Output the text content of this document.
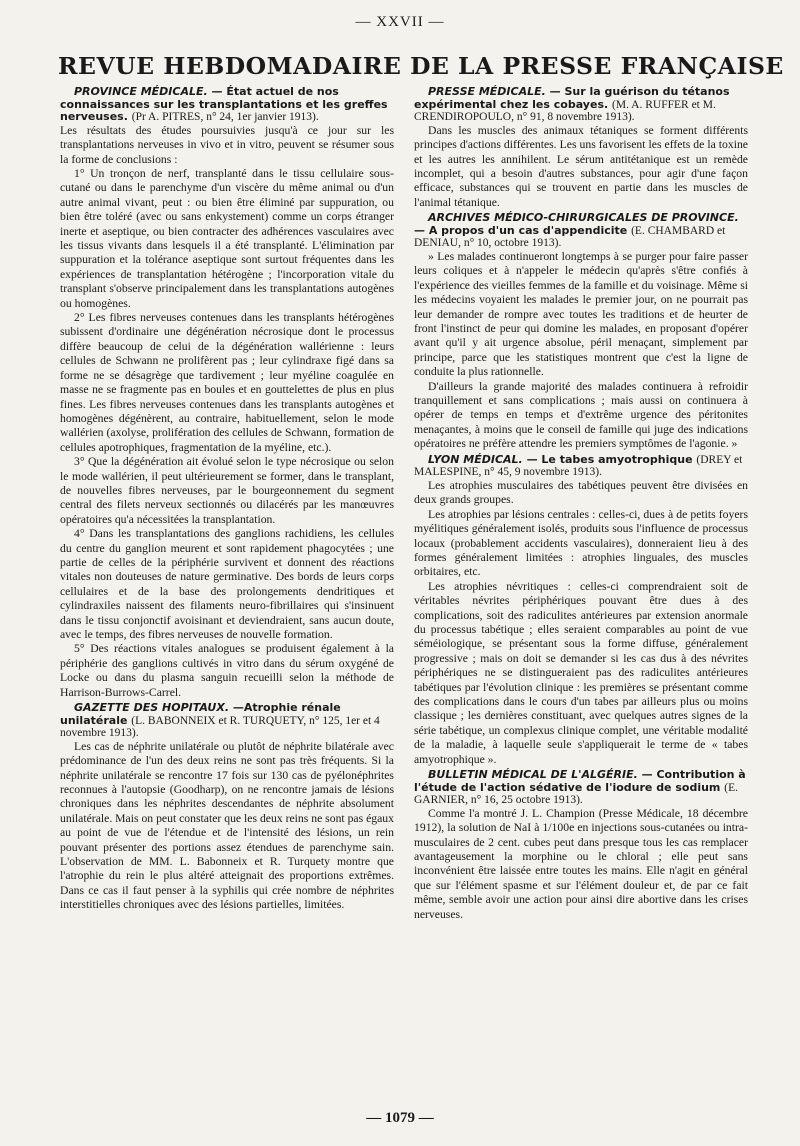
— XXVII —
REVUE HEBDOMADAIRE DE LA PRESSE FRANÇAISE

PROVINCE MÉDICALE. — État actuel de nos connaissances sur les transplantations et les greffes nerveuses. (Pr A. PITRES, n° 24, 1er janvier 1913).

Les résultats des études poursuivies jusqu'à ce jour sur les transplantations nerveuses in vivo et in vitro, peuvent se résumer sous la forme de conclusions :

1° Un tronçon de nerf, transplanté dans le tissu cellulaire sous-cutané ou dans le parenchyme d'un viscère du même animal ou d'un autre animal vivant, peut : ou bien être éliminé par suppuration, ou bien être toléré (avec ou sans enkystement) comme un corps étranger inerte et aseptique, ou bien contracter des adhérences vasculaires avec les tissus vivants dans lesquels il a été transplanté. L'élimination par suppuration et la tolérance aseptique sont surtout fréquentes dans les expériences de transplantation hétérogène ; l'incorporation vitale du transplant s'observe principalement dans les transplantations autogènes ou homogènes.

2° Les fibres nerveuses contenues dans les transplants hétérogènes subissent d'ordinaire une dégénération nécrosique dont le processus diffère beaucoup de celui de la dégénération wallérienne : leurs cellules de Schwann ne prolifèrent pas ; leur cylindraxe figé dans sa forme ne se désagrège que tardivement ; leur myéline coagulée en masse ne se fragmente pas en boules et en gouttelettes de plus en plus fines. Les fibres nerveuses contenues dans les transplants autogènes et homogènes dégénèrent, au contraire, habituellement, selon le mode wallérien (axolyse, prolifération des cellules de Schwann, formation de cellules apotrophiques, fragmentation de la myéline, etc.).

3° Que la dégénération ait évolué selon le type nécrosique ou selon le mode wallérien, il peut ultérieurement se former, dans le transplant, de nouvelles fibres nerveuses, par le bourgeonnement du segment central des filets nerveux sectionnés ou dilacérés par les manœuvres opératoires qu'a nécessitées la transplantation.

4° Dans les transplantations des ganglions rachidiens, les cellules du centre du ganglion meurent et sont rapidement phagocytées ; une partie de celles de la périphérie survivent et donnent des réactions vitales non douteuses de nature germinative. Des bords de leurs corps cellulaires et de la base des prolongements dendritiques et cylindraxiles naissent des filaments neuro-fibrillaires qui s'insinuent dans le tissu conjonctif avoisinant et deviendraient, sans aucun doute, avec le temps, des fibres nerveuses de nouvelle formation.

5° Des réactions vitales analogues se produisent également à la périphérie des ganglions cultivés in vitro dans du sérum oxygéné de Locke ou dans du plasma sanguin recueilli selon la méthode de Harrison-Burrows-Carrel.

GAZETTE DES HOPITAUX. —Atrophie rénale unilatérale (L. BABONNEIX et R. TURQUETY, n° 125, 1er et 4 novembre 1913).

Les cas de néphrite unilatérale ou plutôt de néphrite bilatérale avec prédominance de l'un des deux reins ne sont pas très fréquents. Si la néphrite unilatérale se rencontre 17 fois sur 130 cas de pyélonéphrites reconnues à l'autopsie (Goodharp), on ne rencontre jamais de lésions chroniques dans les néphrites descendantes de néphrite absolument unilatérale. Mais on peut constater que les deux reins ne sont pas égaux au point de vue de l'étendue et de l'intensité des lésions, un rein pouvant présenter des portions assez étendues de parenchyme sain. L'observation de MM. L. Babonneix et R. Turquety montre que l'atrophie du rein le plus altéré atteignait des proportions extrêmes. Dans ce cas il faut penser à la syphilis qui crée nombre de néphrites interstitielles chroniques avec des lésions partielles, limitées.

PRESSE MÉDICALE. — Sur la guérison du tétanos expérimental chez les cobayes. (M. A. RUFFER et M. CRENDIROPOULO, n° 91, 8 novembre 1913).

Dans les muscles des animaux tétaniques se forment différents principes d'actions différentes. Les uns favorisent les effets de la toxine et les autres les annihilent. Le sérum antitétanique est un remède incomplet, qui a besoin d'autres substances, pour agir d'une façon efficace, substances qui se trouvent en partie dans les muscles de l'animal tétanique.

ARCHIVES MÉDICO-CHIRURGICALES DE PROVINCE. — A propos d'un cas d'appendicite (E. CHAMBARD et DENIAU, n° 10, octobre 1913).

» Les malades continueront longtemps à se purger pour faire passer leurs coliques et à n'appeler le médecin qu'après s'être confiés à l'expérience des vieilles femmes de la famille et du voisinage. Même si les médecins voyaient les malades le premier jour, on ne pourrait pas leur demander de rompre avec toutes les traditions et de heurter de front l'instinct de peur qui domine les malades, en proposant d'opérer avant qu'il y ait urgence absolue, péril menaçant, simplement par principe, parce que les statistiques montrent que c'est la ligne de conduite la plus rationnelle.

D'ailleurs la grande majorité des malades continuera à refroidir tranquillement et sans complications ; mais aussi on continuera à opérer de temps en temps et d'extrême urgence des péritonites menaçantes, à moins que le conseil de famille qui juge des indications opératoires ne préfère attendre les premiers symptômes de l'agonie. »

LYON MÉDICAL. — Le tabes amyotrophique (DREY et MALESPINE, n° 45, 9 novembre 1913).

Les atrophies musculaires des tabétiques peuvent être divisées en deux grands groupes.

Les atrophies par lésions centrales : celles-ci, dues à de petits foyers myélitiques généralement isolés, produits sous l'influence de processus locaux (probablement accidents vasculaires), donneraient lieu à des formes généralement limitées : atrophies linguales, des muscles orbitaires, etc.

Les atrophies névritiques : celles-ci comprendraient soit de véritables névrites périphériques pouvant être dues à des complications, soit des radiculites antérieures par extension anormale du processus tabétique ; elles seraient comparables au point de vue séméiologique, se présentant sous la forme diffuse, généralement progressive ; mais on doit se demander si les cas dus à des névrites périphériques ne se distingueraient pas des radiculites antérieures tabétiques par l'évolution clinique : les premières se présentant comme des complications dans le cours d'un tabes par ailleurs plus ou moins classique ; les dernières constituant, avec quelques autres signes de la série tabétique, un complexus clinique complet, une véritable modalité de la maladie, à laquelle seule s'appliquerait le terme de « tabes amyotrophique ».

BULLETIN MÉDICAL DE L'ALGÉRIE. — Contribution à l'étude de l'action sédative de l'iodure de sodium (E. GARNIER, n° 16, 25 octobre 1913).

Comme l'a montré J. L. Champion (Presse Médicale, 18 décembre 1912), la solution de NaI à 1/100e en injections sous-cutanées ou intra-musculaires de 2 cent. cubes peut dans presque tous les cas remplacer avantageusement la morphine ou le chloral ; elle peut sans inconvénient être laissée entre toutes les mains. Elle n'agit en général que sur l'élément spasme et sur l'élément douleur et, de par ce fait même, semble avoir une action pour ainsi dire abortive dans les crises nerveuses.

— 1079 —
